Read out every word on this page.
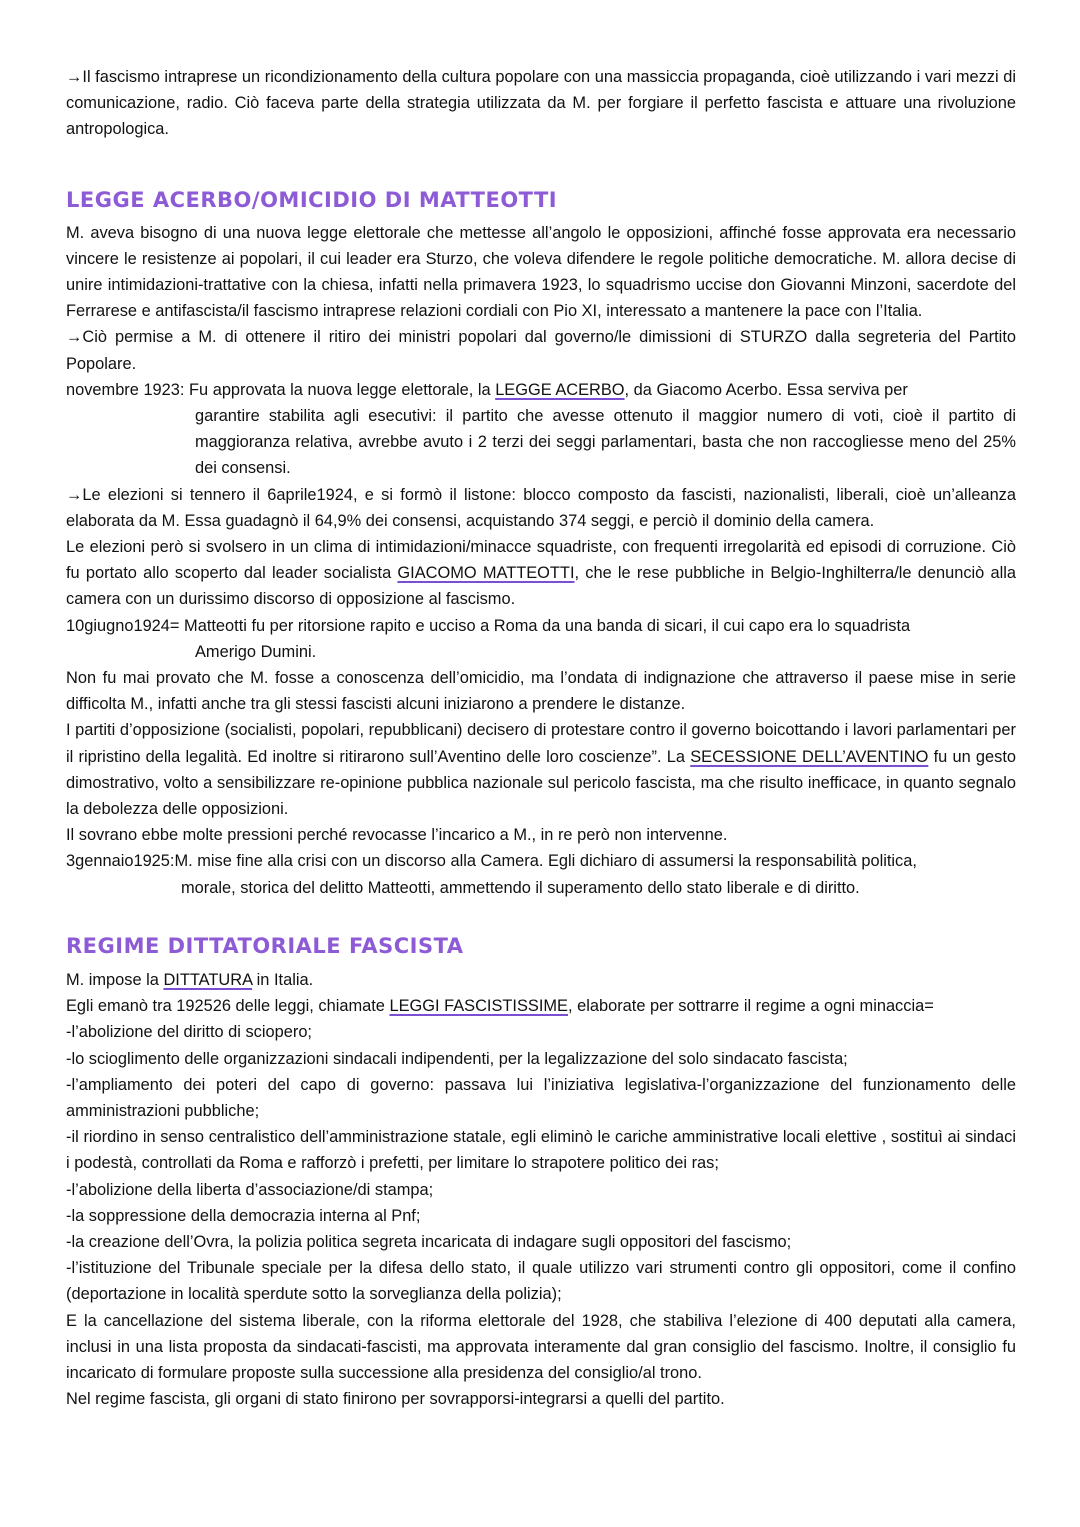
→Il fascismo intraprese un ricondizionamento della cultura popolare con una massiccia propaganda, cioè utilizzando i vari mezzi di comunicazione, radio. Ciò faceva parte della strategia utilizzata da M. per forgiare il perfetto fascista e attuare una rivoluzione antropologica.

LEGGE ACERBO/OMICIDIO DI MATTEOTTI

M. aveva bisogno di una nuova legge elettorale che mettesse all’angolo le opposizioni, affinché fosse approvata era necessario vincere le resistenze ai popolari, il cui leader era Sturzo, che voleva difendere le regole politiche democratiche. M. allora decise di unire intimidazioni-trattative con la chiesa, infatti nella primavera 1923, lo squadrismo uccise don Giovanni Minzoni, sacerdote del Ferrarese e antifascista/il fascismo intraprese relazioni cordiali con Pio XI, interessato a mantenere la pace con l’Italia.

→Ciò permise a M. di ottenere il ritiro dei ministri popolari dal governo/le dimissioni di STURZO dalla segreteria del Partito Popolare.

novembre 1923: Fu approvata la nuova legge elettorale, la LEGGE ACERBO, da Giacomo Acerbo. Essa serviva per

garantire stabilita agli esecutivi: il partito che avesse ottenuto il maggior numero di voti, cioè il partito di maggioranza relativa, avrebbe avuto i 2 terzi dei seggi parlamentari, basta che non raccogliesse meno del 25% dei consensi.

→Le elezioni si tennero il 6aprile1924, e si formò il listone: blocco composto da fascisti, nazionalisti, liberali, cioè un’alleanza elaborata da M. Essa guadagnò il 64,9% dei consensi, acquistando 374 seggi, e perciò il dominio della camera.

Le elezioni però si svolsero in un clima di intimidazioni/minacce squadriste, con frequenti irregolarità ed episodi di corruzione. Ciò fu portato allo scoperto dal leader socialista GIACOMO MATTEOTTI, che le rese pubbliche in Belgio-Inghilterra/le denunciò alla camera con un durissimo discorso di opposizione al fascismo.

10giugno1924= Matteotti fu per ritorsione rapito e ucciso a Roma da una banda di sicari, il cui capo era lo squadrista

Amerigo Dumini.

Non fu mai provato che M. fosse a conoscenza dell’omicidio, ma l’ondata di indignazione che attraverso il paese mise in serie difficolta M., infatti anche tra gli stessi fascisti alcuni iniziarono a prendere le distanze.

I partiti d’opposizione (socialisti, popolari, repubblicani) decisero di protestare contro il governo boicottando i lavori parlamentari per il ripristino della legalità. Ed inoltre si ritirarono sull’Aventino delle loro coscienze”. La SECESSIONE DELL’AVENTINO fu un gesto dimostrativo, volto a sensibilizzare re-opinione pubblica nazionale sul pericolo fascista, ma che risulto inefficace, in quanto segnalo la debolezza delle opposizioni.

Il sovrano ebbe molte pressioni perché revocasse l’incarico a M., in re però non intervenne.

3gennaio1925: M. mise fine alla crisi con un discorso alla Camera. Egli dichiaro di assumersi la responsabilità politica,

morale, storica del delitto Matteotti, ammettendo il superamento dello stato liberale e di diritto.

REGIME DITTATORIALE FASCISTA

M. impose la DITTATURA in Italia.

Egli emanò tra 192526 delle leggi, chiamate LEGGI FASCISTISSIME, elaborate per sottrarre il regime a ogni minaccia=

-l’abolizione del diritto di sciopero;

-lo scioglimento delle organizzazioni sindacali indipendenti, per la legalizzazione del solo sindacato fascista;

-l’ampliamento dei poteri del capo di governo: passava lui l’iniziativa legislativa-l’organizzazione del funzionamento delle amministrazioni pubbliche;

-il riordino in senso centralistico dell’amministrazione statale, egli eliminò le cariche amministrative locali elettive , sostituì ai sindaci i podestà, controllati da Roma e rafforzò i prefetti, per limitare lo strapotere politico dei ras;

-l’abolizione della liberta d’associazione/di stampa;

-la soppressione della democrazia interna al Pnf;

-la creazione dell’Ovra, la polizia politica segreta incaricata di indagare sugli oppositori del fascismo;

-l’istituzione del Tribunale speciale per la difesa dello stato, il quale utilizzo vari strumenti contro gli oppositori, come il confino (deportazione in località sperdute sotto la sorveglianza della polizia);

E la cancellazione del sistema liberale, con la riforma elettorale del 1928, che stabiliva l’elezione di 400 deputati alla camera, inclusi in una lista proposta da sindacati-fascisti, ma approvata interamente dal gran consiglio del fascismo. Inoltre, il consiglio fu incaricato di formulare proposte sulla successione alla presidenza del consiglio/al trono.

Nel regime fascista, gli organi di stato finirono per sovrapporsi-integrarsi a quelli del partito.
